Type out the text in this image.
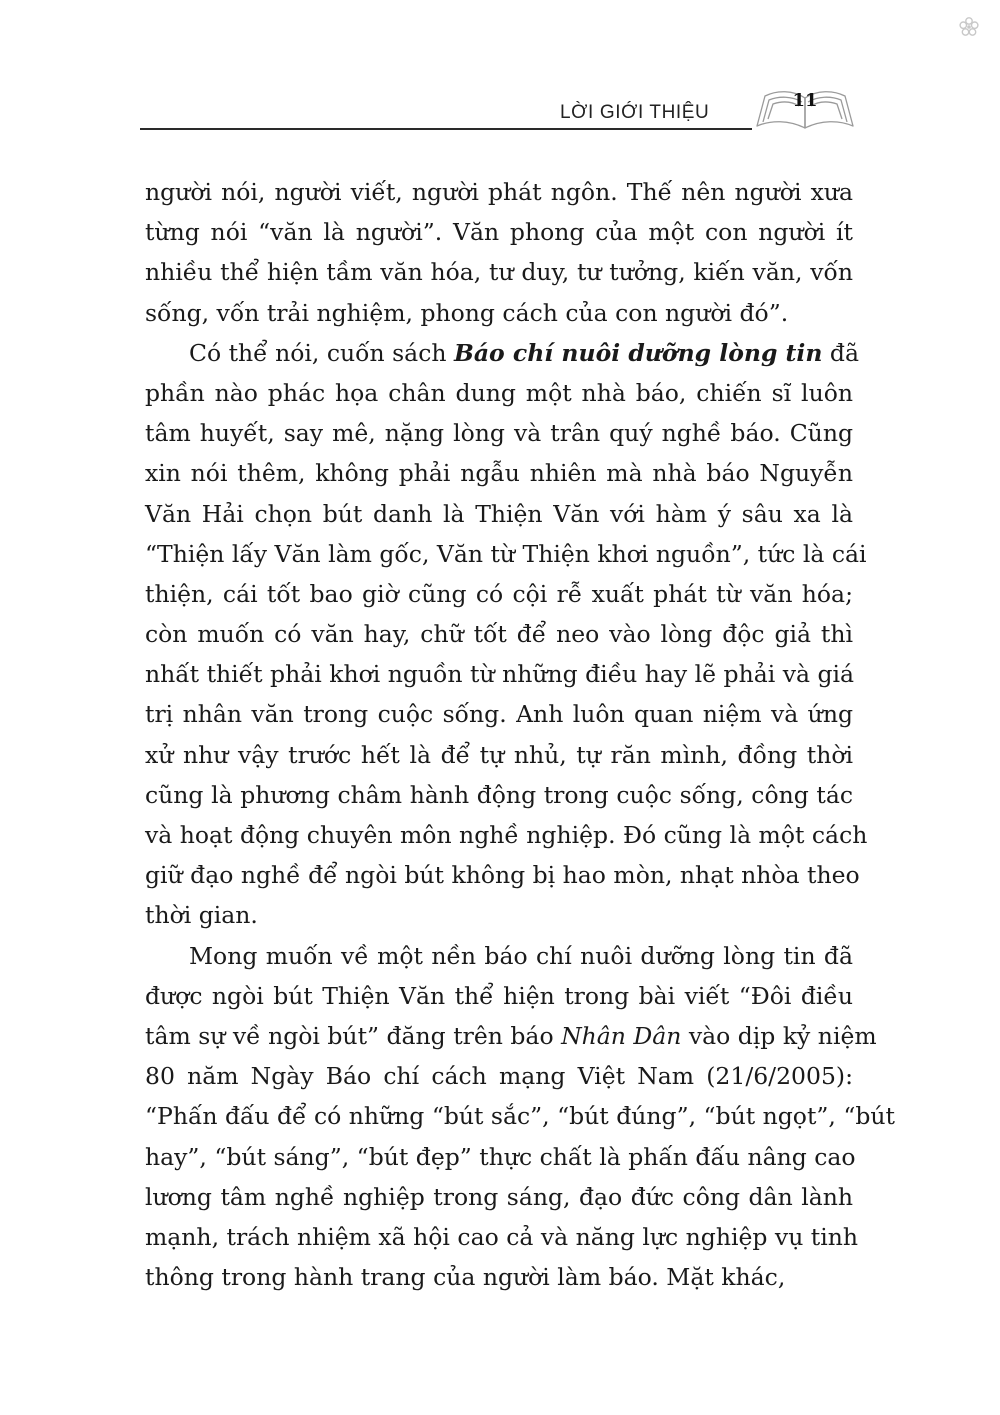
LỜI GIỚI THIỆU
11
người nói, người viết, người phát ngôn. Thế nên người xưa
từng nói “văn là người”. Văn phong của một con người ít
nhiều thể hiện tầm văn hóa, tư duy, tư tưởng, kiến văn, vốn
sống, vốn trải nghiệm, phong cách của con người đó”.
Có thể nói, cuốn sách Báo chí nuôi dưỡng lòng tin đã
phần nào phác họa chân dung một nhà báo, chiến sĩ luôn
tâm huyết, say mê, nặng lòng và trân quý nghề báo. Cũng
xin nói thêm, không phải ngẫu nhiên mà nhà báo Nguyễn
Văn Hải chọn bút danh là Thiện Văn với hàm ý sâu xa là
“Thiện lấy Văn làm gốc, Văn từ Thiện khơi nguồn”, tức là cái
thiện, cái tốt bao giờ cũng có cội rễ xuất phát từ văn hóa;
còn muốn có văn hay, chữ tốt để neo vào lòng độc giả thì
nhất thiết phải khơi nguồn từ những điều hay lẽ phải và giá
trị nhân văn trong cuộc sống. Anh luôn quan niệm và ứng
xử như vậy trước hết là để tự nhủ, tự răn mình, đồng thời
cũng là phương châm hành động trong cuộc sống, công tác
và hoạt động chuyên môn nghề nghiệp. Đó cũng là một cách
giữ đạo nghề để ngòi bút không bị hao mòn, nhạt nhòa theo
thời gian.
Mong muốn về một nền báo chí nuôi dưỡng lòng tin đã
được ngòi bút Thiện Văn thể hiện trong bài viết “Đôi điều
tâm sự về ngòi bút” đăng trên báo Nhân Dân vào dịp kỷ niệm
80 năm Ngày Báo chí cách mạng Việt Nam (21/6/2005):
“Phấn đấu để có những “bút sắc”, “bút đúng”, “bút ngọt”, “bút
hay”, “bút sáng”, “bút đẹp” thực chất là phấn đấu nâng cao
lương tâm nghề nghiệp trong sáng, đạo đức công dân lành
mạnh, trách nhiệm xã hội cao cả và năng lực nghiệp vụ tinh
thông trong hành trang của người làm báo. Mặt khác,
